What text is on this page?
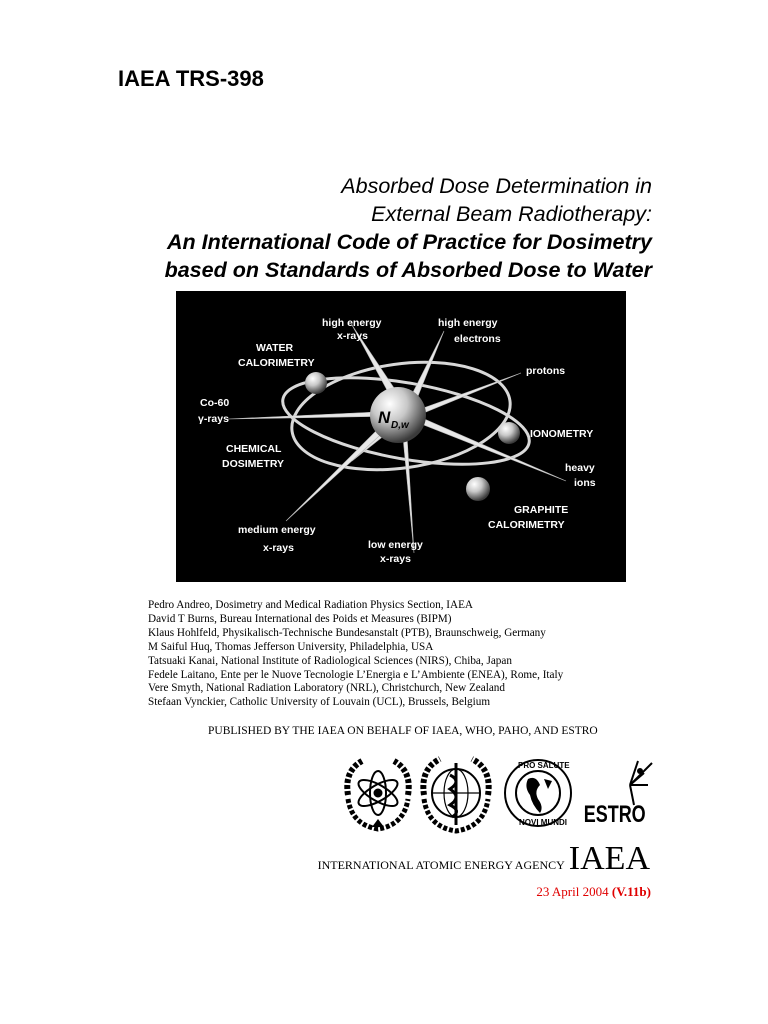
IAEA TRS-398
Absorbed Dose Determination in
External Beam Radiotherapy:
An International Code of Practice for Dosimetry
based on Standards of Absorbed Dose to Water
N D,w
high energy
x-rays
high energy
electrons
WATER
CALORIMETRY
protons
Co-60
γ-rays
IONOMETRY
CHEMICAL
DOSIMETRY	heavy
ions
GRAPHITE
CALORIMETRY
medium energy
x-rays	low energy
x-rays
Pedro Andreo, Dosimetry and Medical Radiation Physics Section, IAEA
David T Burns, Bureau International des Poids et Measures (BIPM)
Klaus Hohlfeld, Physikalisch-Technische Bundesanstalt (PTB), Braunschweig, Germany
M Saiful Huq, Thomas Jefferson University, Philadelphia, USA
Tatsuaki Kanai, National Institute of Radiological Sciences (NIRS), Chiba, Japan
Fedele Laitano, Ente per le Nuove Tecnologie L’Energia e L’Ambiente (ENEA), Rome, Italy
Vere Smyth, National Radiation Laboratory (NRL), Christchurch, New Zealand
Stefaan Vynckier, Catholic University of Louvain (UCL), Brussels, Belgium

PUBLISHED BY THE IAEA ON BEHALF OF IAEA, WHO, PAHO, AND ESTRO

PRO SALUTE
NOVI MUNDI ESTRO
INTERNATIONAL ATOMIC ENERGY AGENCY IAEA
23 April 2004 (V.11b)
